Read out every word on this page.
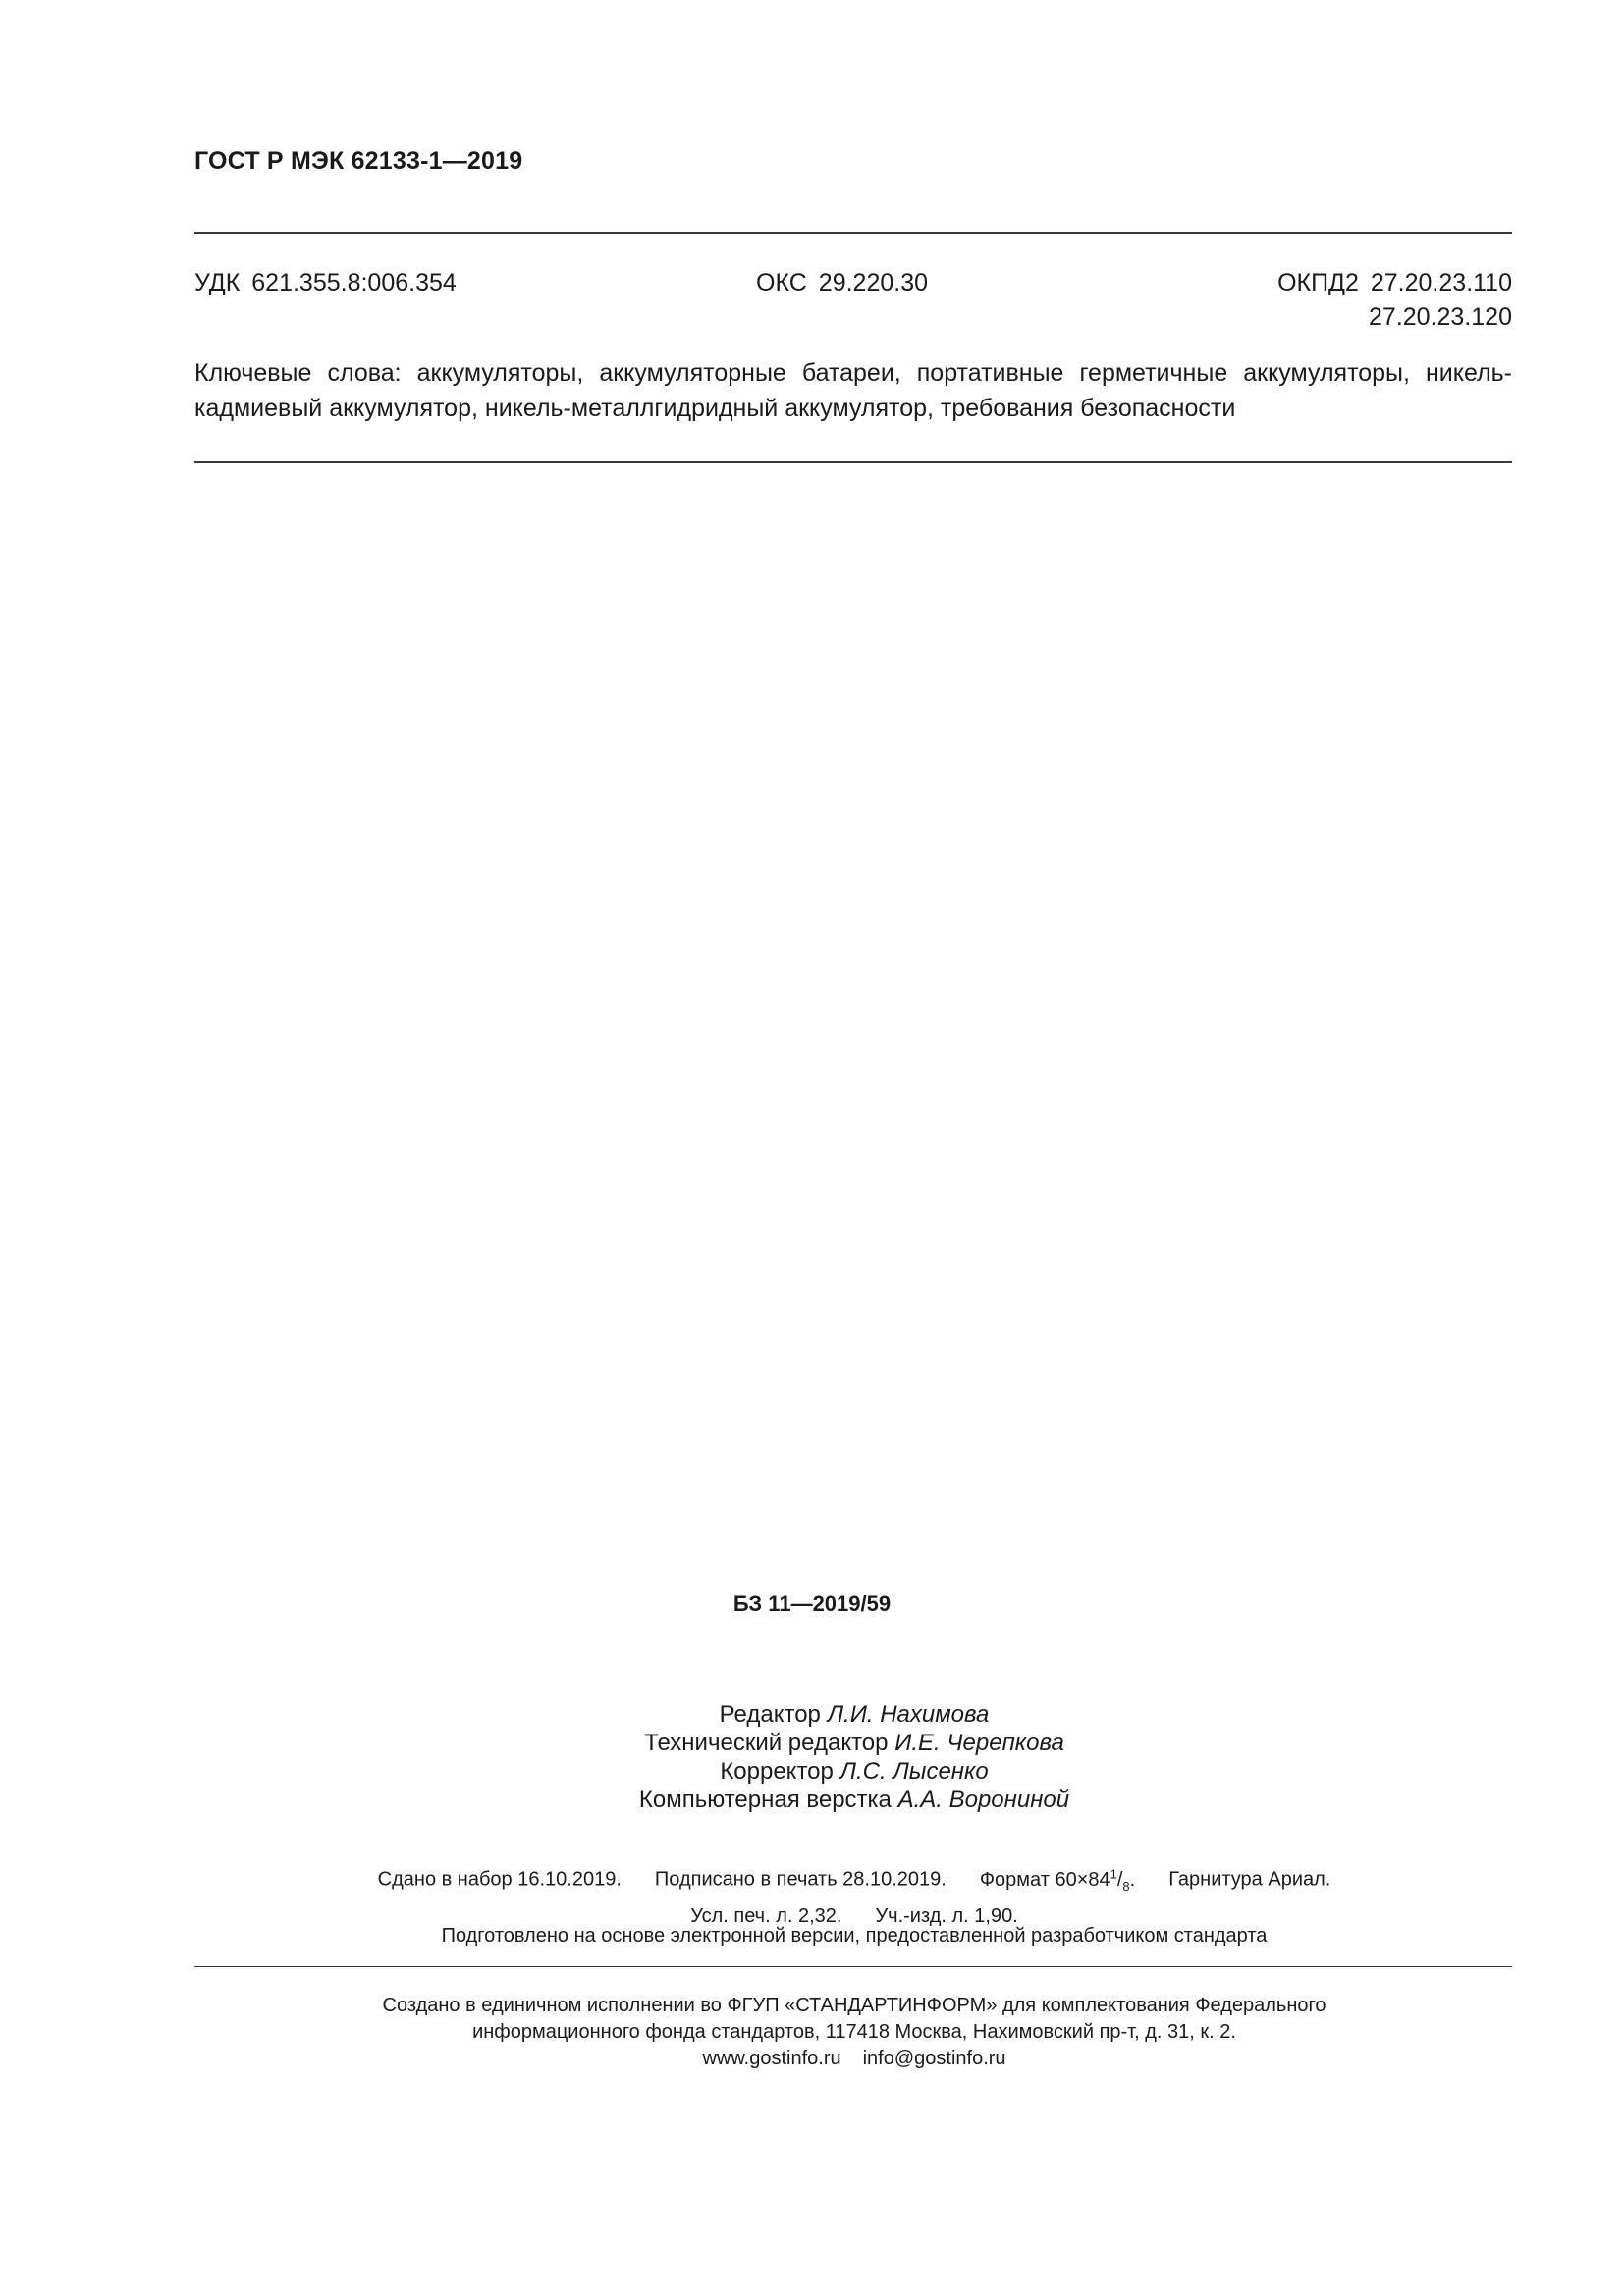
ГОСТ Р МЭК 62133-1—2019
УДК 621.355.8:006.354	ОКС 29.220.30	ОКПД2 27.20.23.110
27.20.23.120
Ключевые слова: аккумуляторы, аккумуляторные батареи, портативные герметичные аккумуляторы, никель-кадмиевый аккумулятор, никель-металлгидридный аккумулятор, требования безопасности
БЗ 11—2019/59
Редактор Л.И. Нахимова
Технический редактор И.Е. Черепкова
Корректор Л.С. Лысенко
Компьютерная верстка А.А. Ворониной
Сдано в набор 16.10.2019. Подписано в печать 28.10.2019. Формат $60\times 84^1/_8$. Гарнитура Ариал.
Усл. печ. л. 2,32. Уч.-изд. л. 1,90.
Подготовлено на основе электронной версии, предоставленной разработчиком стандарта
Создано в единичном исполнении во ФГУП «СТАНДАРТИНФОРМ» для комплектования Федерального
информационного фонда стандартов, 117418 Москва, Нахимовский пр-т, д. 31, к. 2.
www.gostinfo.ru info@gostinfo.ru
